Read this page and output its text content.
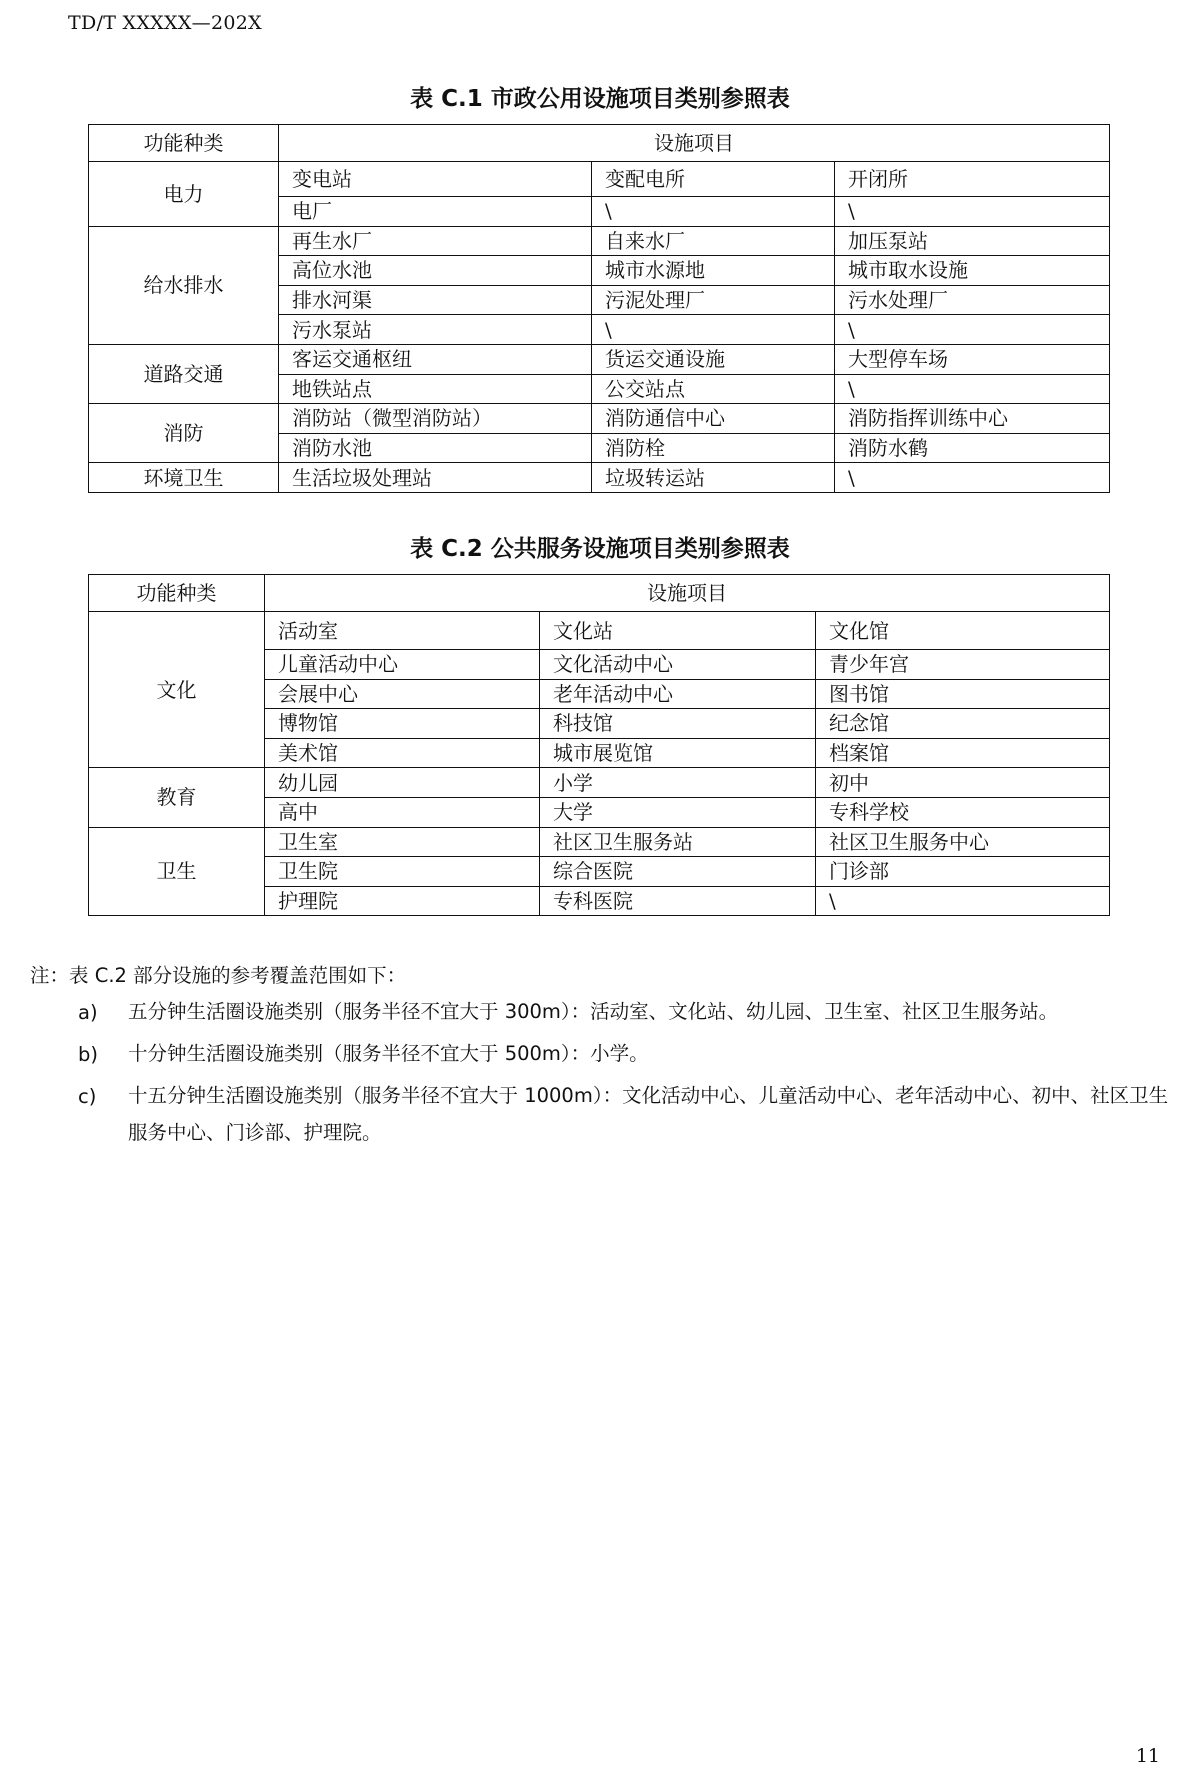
TD/T XXXXX—202X
表 C.1 市政公用设施项目类别参照表
功能种类	设施项目		
电力	变电站	变配电所	开闭所
	电厂	\	\
给水排水	再生水厂	自来水厂	加压泵站
	高位水池	城市水源地	城市取水设施
	排水河渠	污泥处理厂	污水处理厂
	污水泵站	\	\
道路交通	客运交通枢纽	货运交通设施	大型停车场
	地铁站点	公交站点	\
消防	消防站（微型消防站）	消防通信中心	消防指挥训练中心
	消防水池	消防栓	消防水鹤
环境卫生	生活垃圾处理站	垃圾转运站	\
表 C.2 公共服务设施项目类别参照表
功能种类	设施项目		
文化	活动室	文化站	文化馆
	儿童活动中心	文化活动中心	青少年宫
	会展中心	老年活动中心	图书馆
	博物馆	科技馆	纪念馆
	美术馆	城市展览馆	档案馆
教育	幼儿园	小学	初中
	高中	大学	专科学校
卫生	卫生室	社区卫生服务站	社区卫生服务中心
	卫生院	综合医院	门诊部
	护理院	专科医院	\
注：表 C.2 部分设施的参考覆盖范围如下：
a)	五分钟生活圈设施类别（服务半径不宜大于 300m）：活动室、文化站、幼儿园、卫生室、社区卫生服务站。
b)	十分钟生活圈设施类别（服务半径不宜大于 500m）：小学。
c)	十五分钟生活圈设施类别（服务半径不宜大于 1000m）：文化活动中心、儿童活动中心、老年活动中心、初中、社区卫生服务中心、门诊部、护理院。
11
